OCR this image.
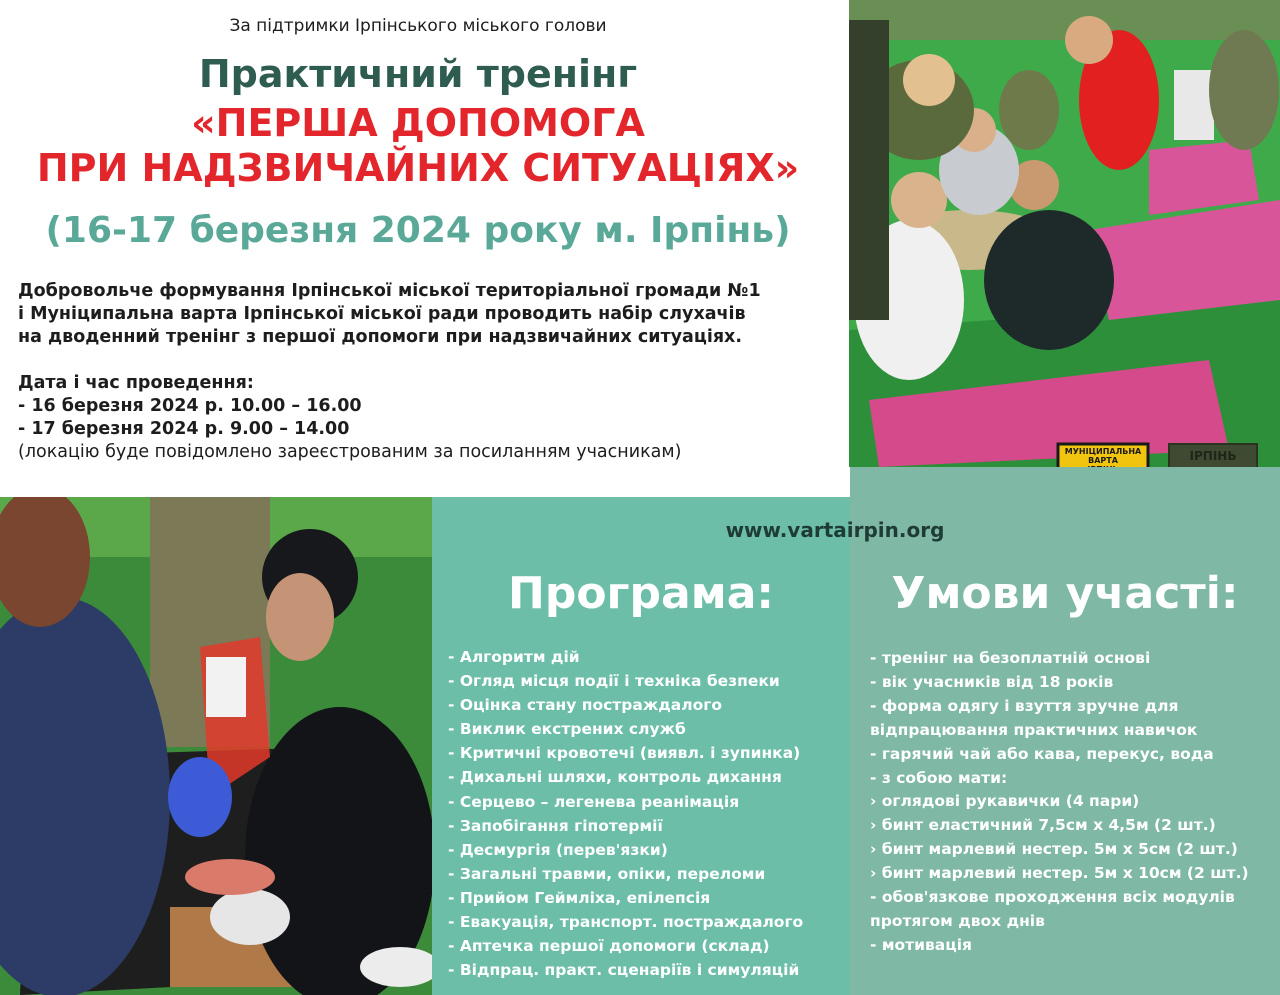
За підтримки Ірпінського міського голови
Практичний тренінг
«ПЕРША ДОПОМОГА
ПРИ НАДЗВИЧАЙНИХ СИТУАЦІЯХ»
(16-17 березня 2024 року м. Ірпінь)
Добровольче формування Ірпінської міської територіальної громади №1
і Муніципальна варта Ірпінської міської ради проводить набір слухачів
на дводенний тренінг з першої допомоги при надзвичайних ситуаціях.
Дата і час проведення:
- 16 березня 2024 р. 10.00 – 16.00
- 17 березня 2024 р. 9.00 – 14.00
(локацію буде повідомлено зареєстрованим за посиланням учасникам)	МУНІЦИПАЛЬНА
ВАРТА	ІРПІНЬ
www.vartairpin.org
Програма:	Умови участі:
- Алгоритм дій
- Огляд місця події і техніка безпеки
- Оцінка стану постраждалого
- Виклик екстрених служб
- Критичні кровотечі (виявл. і зупинка)
- Дихальні шляхи, контроль дихання
- Серцево – легенева реанімація
- Запобігання гіпотермії
- Десмургія (перев'язки)
- Загальні травми, опіки, переломи
- Прийом Геймліха, епілепсія
- Евакуація, транспорт. постраждалого
- Аптечка першої допомоги (склад)
- Відпрац. практ. сценаріїв і симуляцій
- тренінг на безоплатній основі
- вік учасників від 18 років
- форма одягу і взуття зручне для
відпрацювання практичних навичок
- гарячий чай або кава, перекус, вода
- з собою мати:
› оглядові рукавички (4 пари)
› бинт еластичний 7,5см х 4,5м (2 шт.)
› бинт марлевий нестер. 5м х 5см (2 шт.)
› бинт марлевий нестер. 5м х 10см (2 шт.)
- обов'язкове проходження всіх модулів
протягом двох днів
- мотивація
